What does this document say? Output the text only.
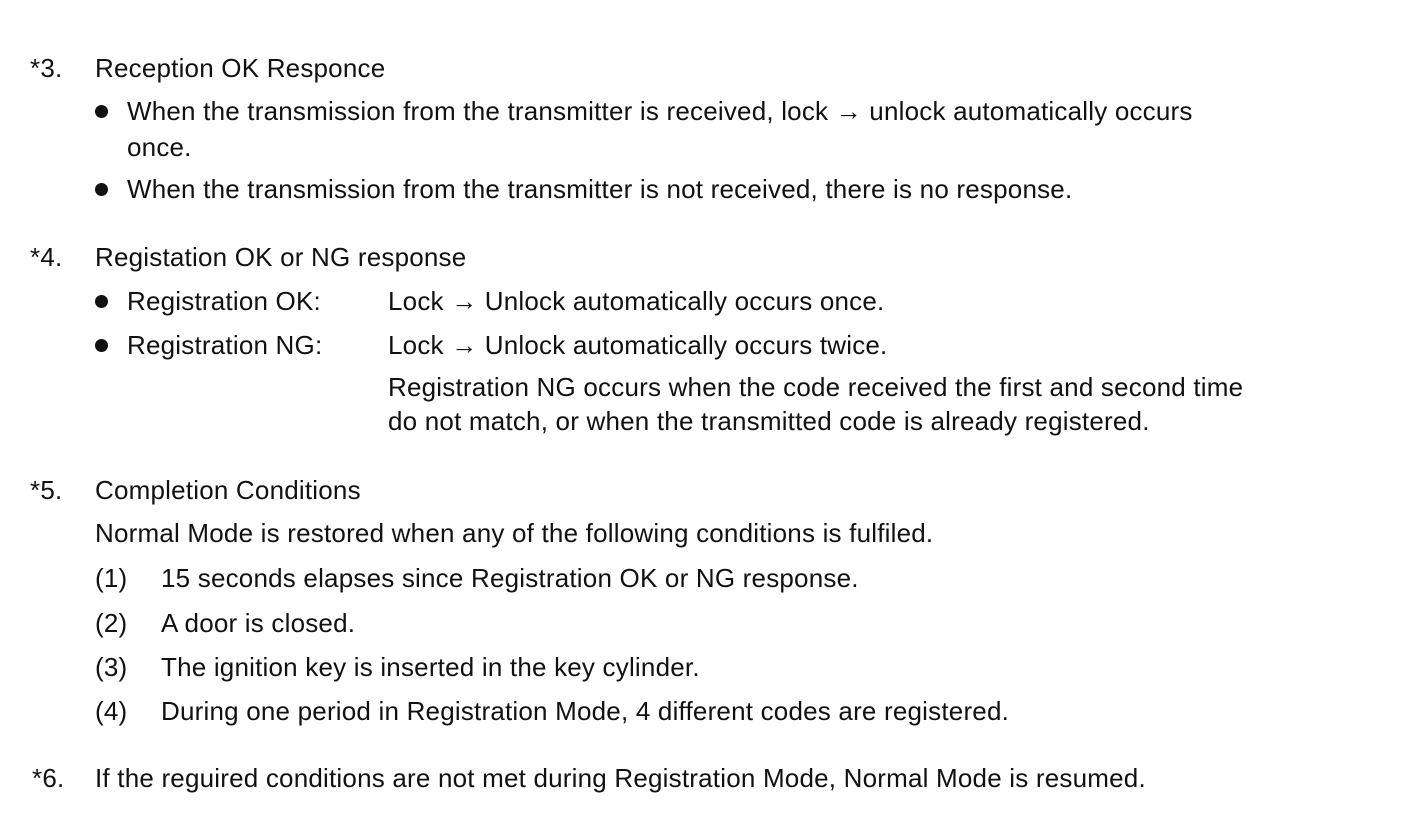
*3. Reception OK Responce
When the transmission from the transmitter is received, lock → unlock automatically occurs
once.
When the transmission from the transmitter is not received, there is no response.
*4. Registation OK or NG response
Registration OK:	Lock → Unlock automatically occurs once.
Registration NG:	Lock → Unlock automatically occurs twice.
Registration NG occurs when the code received the first and second time
do not match, or when the transmitted code is already registered.
*5. Completion Conditions
Normal Mode is restored when any of the following conditions is fulfiled.
(1) 15 seconds elapses since Registration OK or NG response.
(2) A door is closed.
(3) The ignition key is inserted in the key cylinder.
(4) During one period in Registration Mode, 4 different codes are registered.
*6. If the reguired conditions are not met during Registration Mode, Normal Mode is resumed.
